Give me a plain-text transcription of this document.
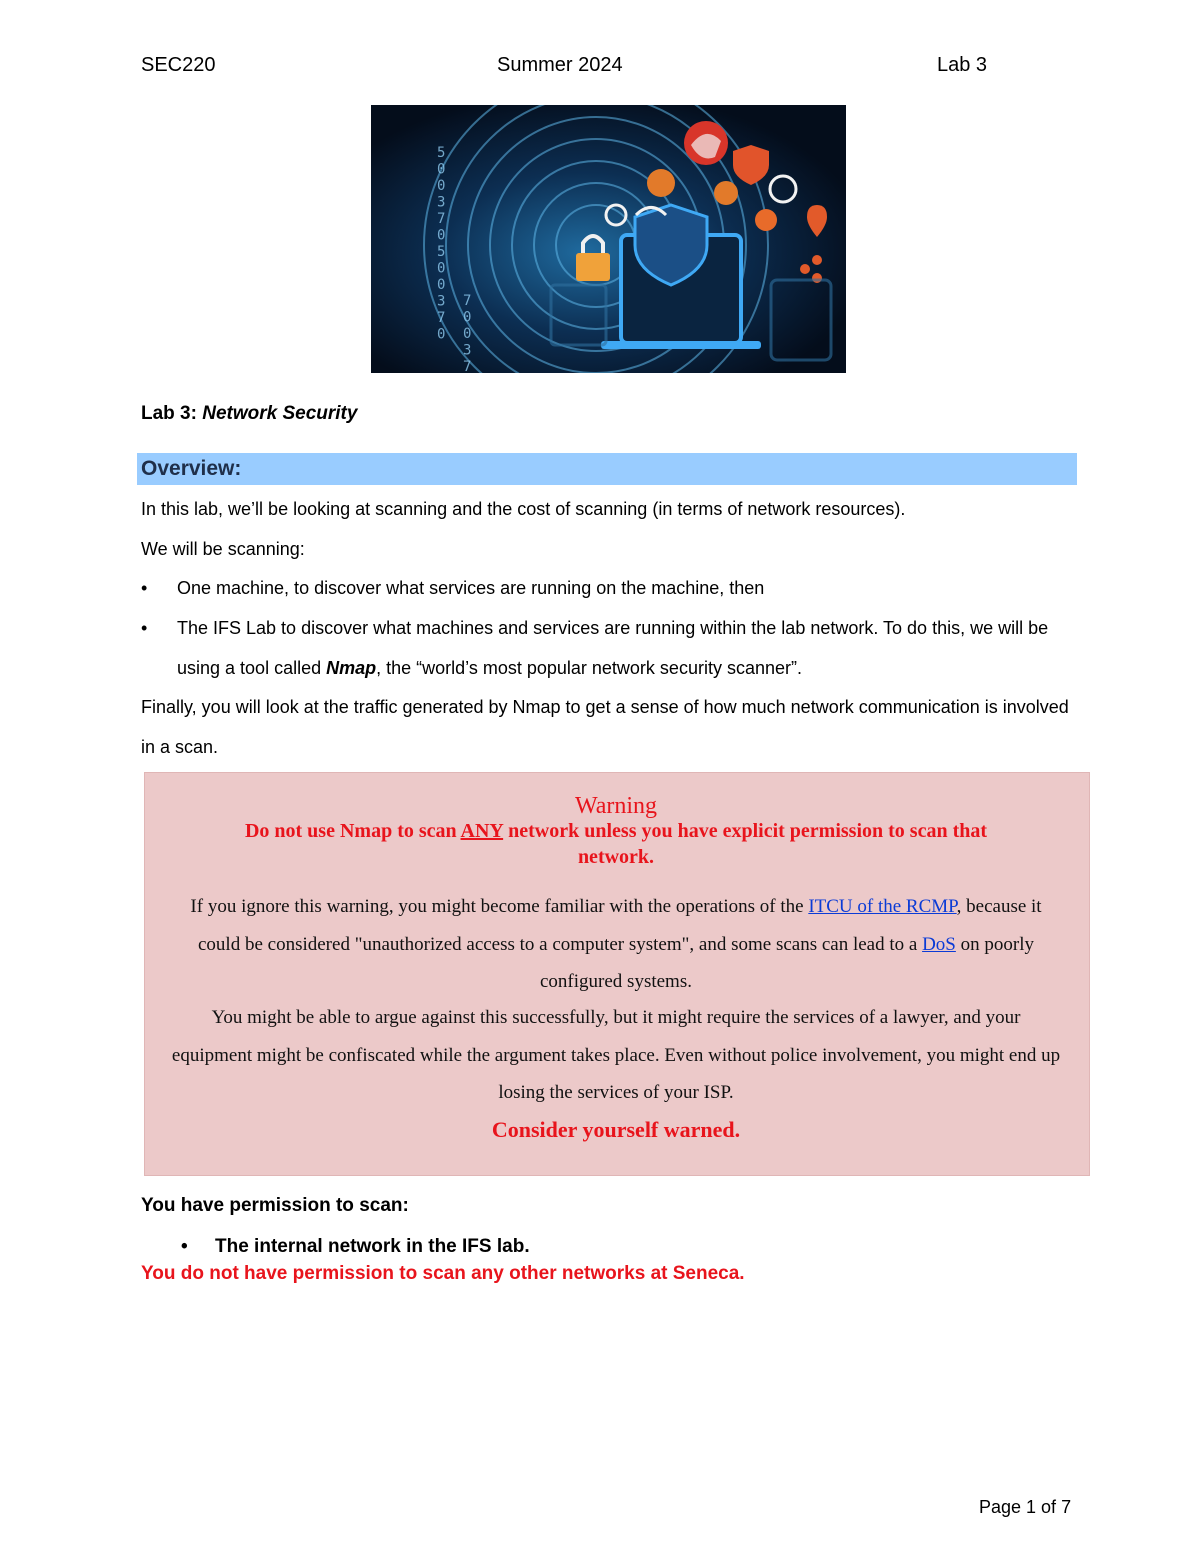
SEC220	Summer 2024	Lab 3
5
0
0
3
7
0
5
0
0
3
7
0
7
0
0
3
7
Lab 3: Network Security
Overview:
In this lab, we’ll be looking at scanning and the cost of scanning (in terms of network resources).
We will be scanning:
•	One machine, to discover what services are running on the machine, then
•	The IFS Lab to discover what machines and services are running within the lab network. To do this, we will be using a tool called Nmap, the “world’s most popular network security scanner”.
Finally, you will look at the traffic generated by Nmap to get a sense of how much network communication is involved in a scan.
Warning
Do not use Nmap to scan ANY network unless you have explicit permission to scan that network.
If you ignore this warning, you might become familiar with the operations of the ITCU of the RCMP, because it could be considered "unauthorized access to a computer system", and some scans can lead to a DoS on poorly configured systems.
You might be able to argue against this successfully, but it might require the services of a lawyer, and your equipment might be confiscated while the argument takes place. Even without police involvement, you might end up losing the services of your ISP.
Consider yourself warned.
You have permission to scan:
• The internal network in the IFS lab.
You do not have permission to scan any other networks at Seneca.
Page 1 of 7
